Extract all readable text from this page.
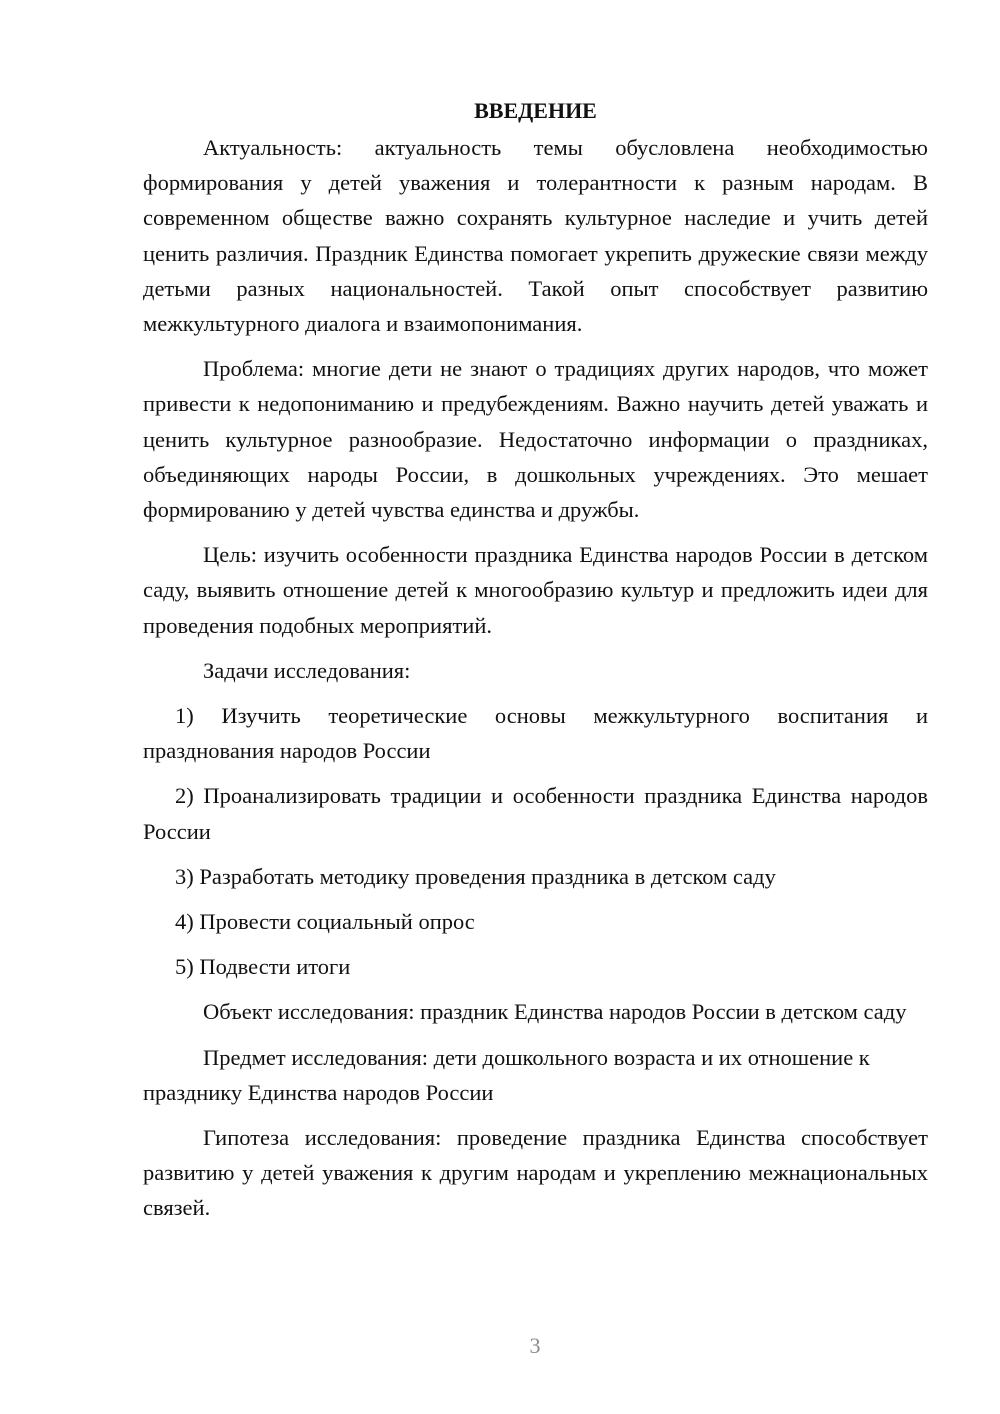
ВВЕДЕНИЕ
Актуальность: актуальность темы обусловлена необходимостью формирования у детей уважения и толерантности к разным народам. В современном обществе важно сохранять культурное наследие и учить детей ценить различия. Праздник Единства помогает укрепить дружеские связи между детьми разных национальностей. Такой опыт способствует развитию межкультурного диалога и взаимопонимания.
Проблема: многие дети не знают о традициях других народов, что может привести к недопониманию и предубеждениям. Важно научить детей уважать и ценить культурное разнообразие. Недостаточно информации о праздниках, объединяющих народы России, в дошкольных учреждениях. Это мешает формированию у детей чувства единства и дружбы.
Цель: изучить особенности праздника Единства народов России в детском саду, выявить отношение детей к многообразию культур и предложить идеи для проведения подобных мероприятий.
Задачи исследования:
1) Изучить теоретические основы межкультурного воспитания и празднования народов России
2) Проанализировать традиции и особенности праздника Единства народов России
3) Разработать методику проведения праздника в детском саду
4) Провести социальный опрос
5) Подвести итоги
Объект исследования: праздник Единства народов России в детском саду
Предмет исследования: дети дошкольного возраста и их отношение к празднику Единства народов России
Гипотеза исследования: проведение праздника Единства способствует развитию у детей уважения к другим народам и укреплению межнациональных связей.
3
